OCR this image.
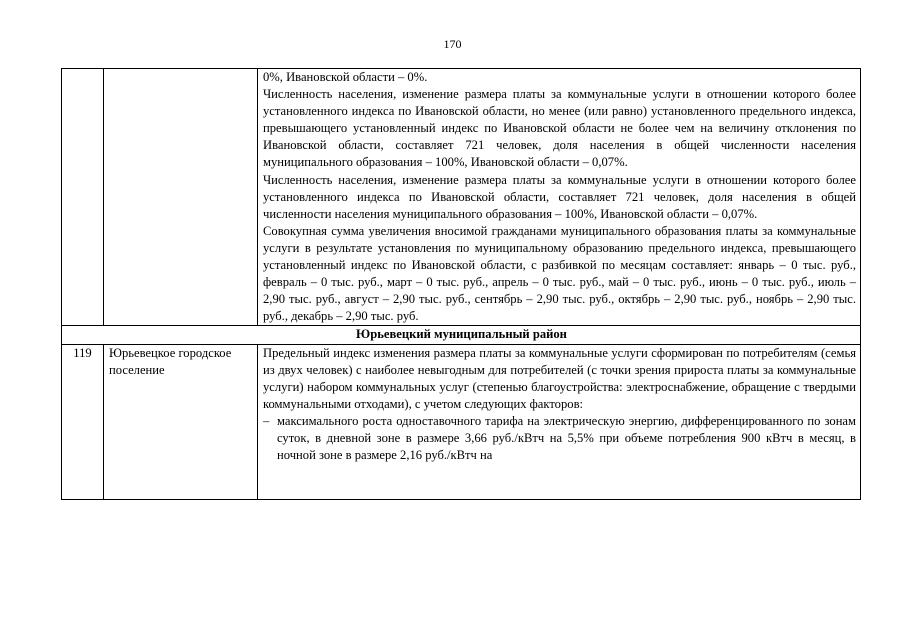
170

		0%, Ивановской области – 0%.
Численность населения, изменение размера платы за коммунальные услуги в отношении которого более установленного индекса по Ивановской области, но менее (или равно) установленного предельного индекса, превышающего установленный индекс по Ивановской области не более чем на величину отклонения по Ивановской области, составляет 721 человек, доля населения в общей численности населения муниципального образования – 100%, Ивановской области – 0,07%.
Численность населения, изменение размера платы за коммунальные услуги в отношении которого более установленного индекса по Ивановской области, составляет 721 человек, доля населения в общей численности населения муниципального образования – 100%, Ивановской области – 0,07%.
Совокупная сумма увеличения вносимой гражданами муниципального образования платы за коммунальные услуги в результате установления по муниципальному образованию предельного индекса, превышающего установленный индекс по Ивановской области, с разбивкой по месяцам составляет: январь – 0 тыс. руб., февраль – 0 тыс. руб., март – 0 тыс. руб., апрель – 0 тыс. руб., май – 0 тыс. руб., июнь – 0 тыс. руб., июль – 2,90 тыс. руб., август – 2,90 тыс. руб., сентябрь – 2,90 тыс. руб., октябрь – 2,90 тыс. руб., ноябрь – 2,90 тыс. руб., декабрь – 2,90 тыс. руб.

Юрьевецкий муниципальный район		
119	Юрьевецкое городское поселение	Предельный индекс изменения размера платы за коммунальные услуги сформирован по потребителям (семья из двух человек) с наиболее невыгодным для потребителей (с точки зрения прироста платы за коммунальные услуги) набором коммунальных услуг (степенью благоустройства: электроснабжение, обращение с твердыми коммунальными отходами), с учетом следующих факторов:
– максимального роста одноставочного тарифа на электрическую энергию, дифференцированного по зонам суток, в дневной зоне в размере 3,66 руб./кВтч на 5,5% при объеме потребления 900 кВтч в месяц, в ночной зоне в размере 2,16 руб./кВтч на
